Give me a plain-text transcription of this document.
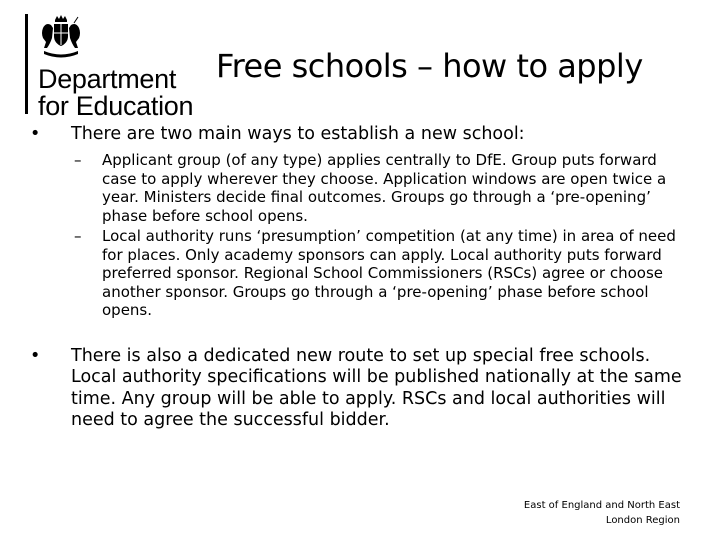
Department
for Education
Free schools – how to apply
• There are two main ways to establish a new school:
– Applicant group (of any type) applies centrally to DfE. Group puts forward case to apply wherever they choose. Application windows are open twice a year. Ministers decide final outcomes. Groups go through a ‘pre-opening’ phase before school opens.
– Local authority runs ‘presumption’ competition (at any time) in area of need for places. Only academy sponsors can apply. Local authority puts forward preferred sponsor. Regional School Commissioners (RSCs) agree or choose another sponsor. Groups go through a ‘pre-opening’ phase before school opens.
• There is also a dedicated new route to set up special free schools. Local authority specifications will be published nationally at the same time. Any group will be able to apply. RSCs and local authorities will need to agree the successful bidder.
East of England and North East
London Region
